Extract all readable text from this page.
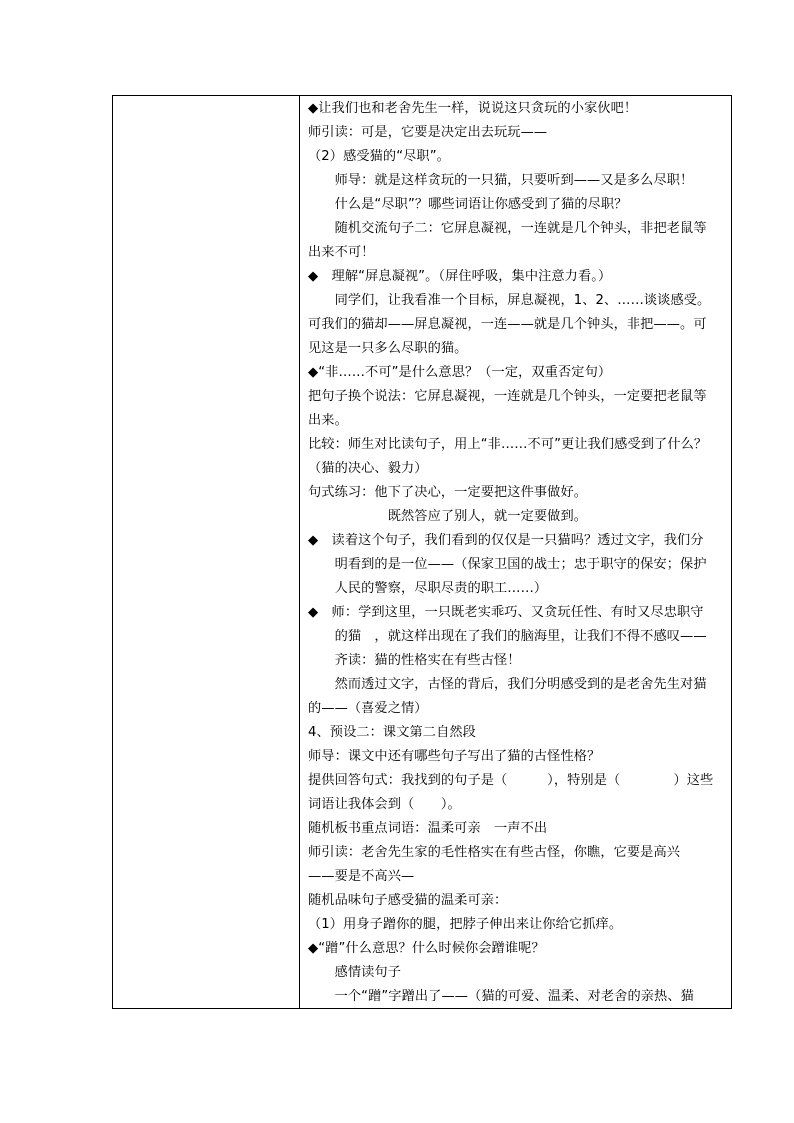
◆让我们也和老舍先生一样，说说这只贪玩的小家伙吧！
师引读：可是，它要是决定出去玩玩——
（2）感受猫的“尽职”。
　　师导：就是这样贪玩的一只猫，只要听到——又是多么尽职！
　　什么是“尽职”？哪些词语让你感受到了猫的尽职？
　　随机交流句子二：它屏息凝视，一连就是几个钟头，非把老鼠等
出来不可！
◆　理解“屏息凝视”。（屏住呼吸，集中注意力看。）
　　同学们，让我看准一个目标，屏息凝视，1、2、……谈谈感受。
可我们的猫却——屏息凝视，一连——就是几个钟头，非把——。可
见这是一只多么尽职的猫。
◆“非……不可”是什么意思？（一定，双重否定句）
把句子换个说法：它屏息凝视，一连就是几个钟头，一定要把老鼠等
出来。
比较：师生对比读句子，用上“非……不可”更让我们感受到了什么？
（猫的决心、毅力）
句式练习：他下了决心，一定要把这件事做好。
　　　　　　既然答应了别人，就一定要做到。
◆　读着这个句子，我们看到的仅仅是一只猫吗？透过文字，我们分
　　明看到的是一位——（保家卫国的战士；忠于职守的保安；保护
　　人民的警察，尽职尽责的职工……）
◆　师：学到这里，一只既老实乖巧、又贪玩任性、有时又尽忠职守
　　的猫　，就这样出现在了我们的脑海里，让我们不得不感叹——
　　齐读：猫的性格实在有些古怪！
　　然而透过文字，古怪的背后，我们分明感受到的是老舍先生对猫
的——（喜爱之情）
4、预设二：课文第二自然段
师导：课文中还有哪些句子写出了猫的古怪性格？
提供回答句式：我找到的句子是（　　　），特别是（　　　　）这些
词语让我体会到（　　）。
随机板书重点词语：温柔可亲　一声不出
师引读：老舍先生家的毛性格实在有些古怪，你瞧，它要是高兴
——要是不高兴—
随机品味句子感受猫的温柔可亲：
（1）用身子蹭你的腿，把脖子伸出来让你给它抓痒。
◆“蹭”什么意思？什么时候你会蹭谁呢？
　　感情读句子
　　一个“蹭”字蹭出了——（猫的可爱、温柔、对老舍的亲热、猫
